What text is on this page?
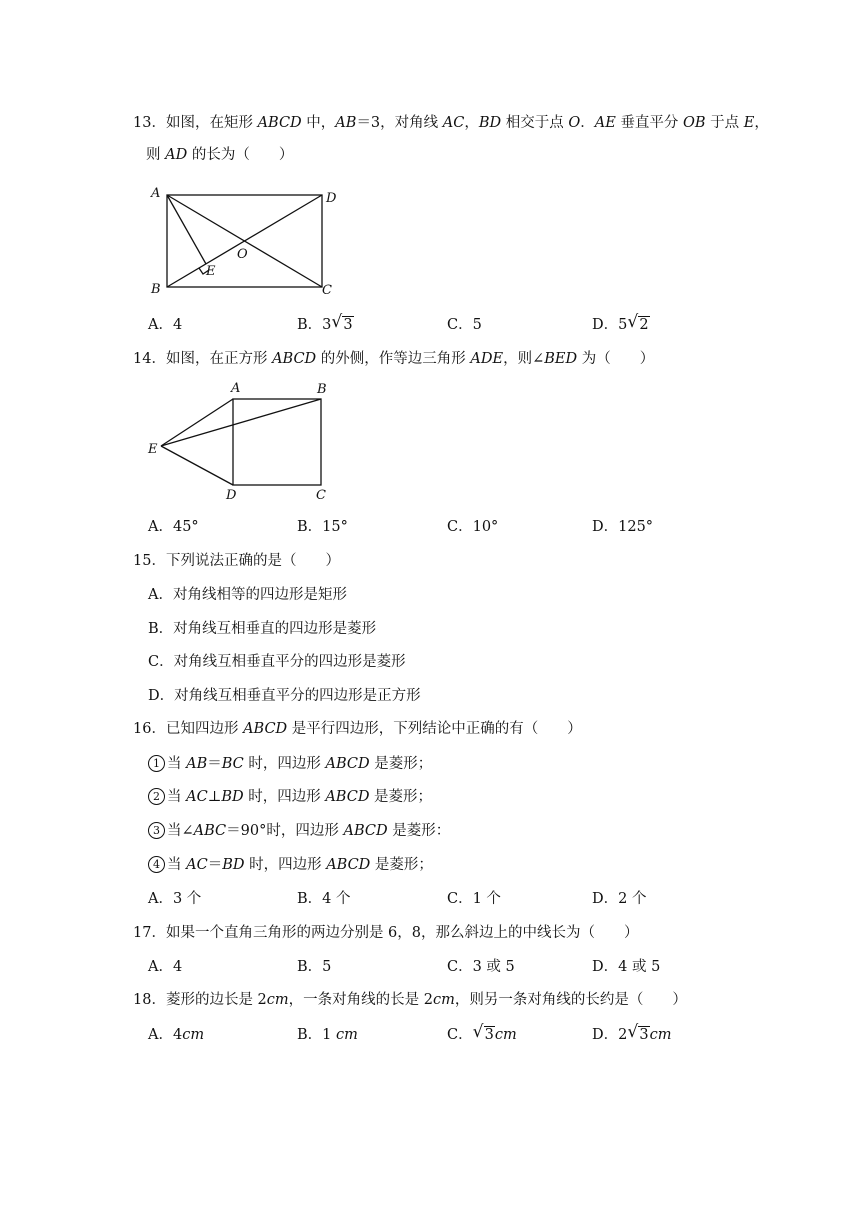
13．如图，在矩形 ABCD 中，AB＝3，对角线 AC，BD 相交于点 O．AE 垂直平分 OB 于点 E，
则 AD 的长为（　　）
A	D
B	C
E
O
A．4	B．3 √ 3	C．5	D．5 √ 2
14．如图，在正方形 ABCD 的外侧，作等边三角形 ADE，则∠BED 为（　　）
A	B
E
D	C
A．45°	B．15°	C．10°	D．125°
15．下列说法正确的是（　　）
A．对角线相等的四边形是矩形
B．对角线互相垂直的四边形是菱形
C．对角线互相垂直平分的四边形是菱形
D．对角线互相垂直平分的四边形是正方形
16．已知四边形 ABCD 是平行四边形，下列结论中正确的有（　　）
1 当 AB＝BC 时，四边形 ABCD 是菱形；
2 当 AC⊥BD 时，四边形 ABCD 是菱形；
3 当∠ABC＝90°时，四边形 ABCD 是菱形：
4 当 AC＝BD 时，四边形 ABCD 是菱形；
A．3 个	B．4 个	C．1 个	D．2 个
17．如果一个直角三角形的两边分别是 6，8，那么斜边上的中线长为（　　）
A．4	B．5	C．3 或 5	D．4 或 5
18．菱形的边长是 2cm，一条对角线的长是 2cm，则另一条对角线的长约是（　　）
A．4cm	B．1 cm	C． √ 3cm	D．2 √ 3cm
